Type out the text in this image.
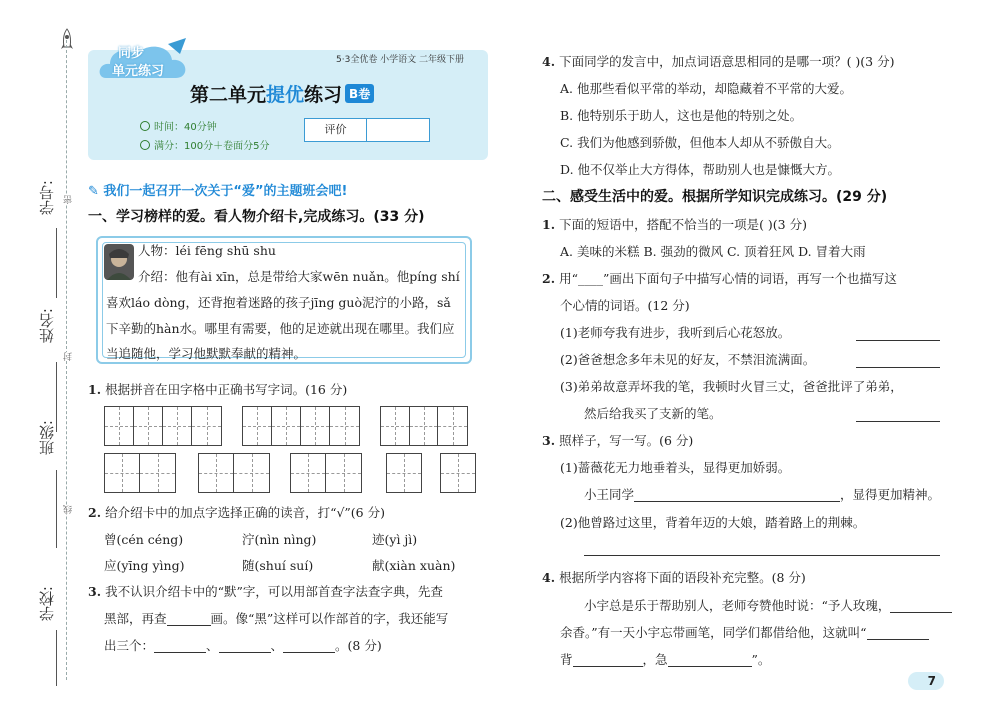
学号: 密
姓名:
封
班级:
线
学校:
同步
单元练习
5·3全优卷 小学语文 二年级下册
第二单元提优练习 B卷
时间：40分钟
满分：100分＋卷面分5分
评价
✎ 我们一起召开一次关于“爱”的主题班会吧!
一、学习榜样的爱。看人物介绍卡,完成练习。(33 分)
人物：léi fēng shū shu
介绍：他有ài xīn，总是带给大家wēn nuǎn。他píng shí
喜欢láo dòng，还背抱着迷路的孩子jīng guò泥泞的小路，sǎ
下辛勤的hàn水。哪里有需要，他的足迹就出现在哪里。我们应
当追随他，学习他默默奉献的精神。
1. 根据拼音在田字格中正确书写字词。(16 分)
2. 给介绍卡中的加点字选择正确的读音，打“√”(6 分)
曾(cén céng)	泞(nìn nìng)	迹(yì jì)
应(yīng yìng)	随(shuí suí)	献(xiàn xuàn)
3. 我不认识介绍卡中的“默”字，可以用部首查字法查字典，先查
黑部，再查	画。像“黑”这样可以作部首的字，我还能写
出三个：	、	、	。(8 分)
4. 下面同学的发言中，加点词语意思相同的是哪一项？( )(3 分)
A. 他那些看似平常的举动，却隐藏着不平常的大爱。
B. 他特别乐于助人，这也是他的特别之处。
C. 我们为他感到骄傲，但他本人却从不骄傲自大。
D. 他不仅举止大方得体，帮助别人也是慷慨大方。
二、感受生活中的爱。根据所学知识完成练习。(29 分)
1. 下面的短语中，搭配不恰当的一项是( )(3 分)
A. 美味的米糕 B. 强劲的微风 C. 顶着狂风 D. 冒着大雨
2. 用“____”画出下面句子中描写心情的词语，再写一个也描写这
个心情的词语。(12 分)
(1)老师夸我有进步，我听到后心花怒放。
(2)爸爸想念多年未见的好友，不禁泪流满面。
(3)弟弟故意弄坏我的笔，我顿时火冒三丈，爸爸批评了弟弟，
然后给我买了支新的笔。
3. 照样子，写一写。(6 分)
(1)蔷薇花无力地垂着头，显得更加娇弱。
小王同学	，显得更加精神。
(2)他曾路过这里，背着年迈的大娘，踏着路上的荆棘。
4. 根据所学内容将下面的语段补充完整。(8 分)
小宇总是乐于帮助别人，老师夸赞他时说：“予人玫瑰，
余香。”有一天小宇忘带画笔，同学们都借给他，这就叫“
背	，急	”。
7
